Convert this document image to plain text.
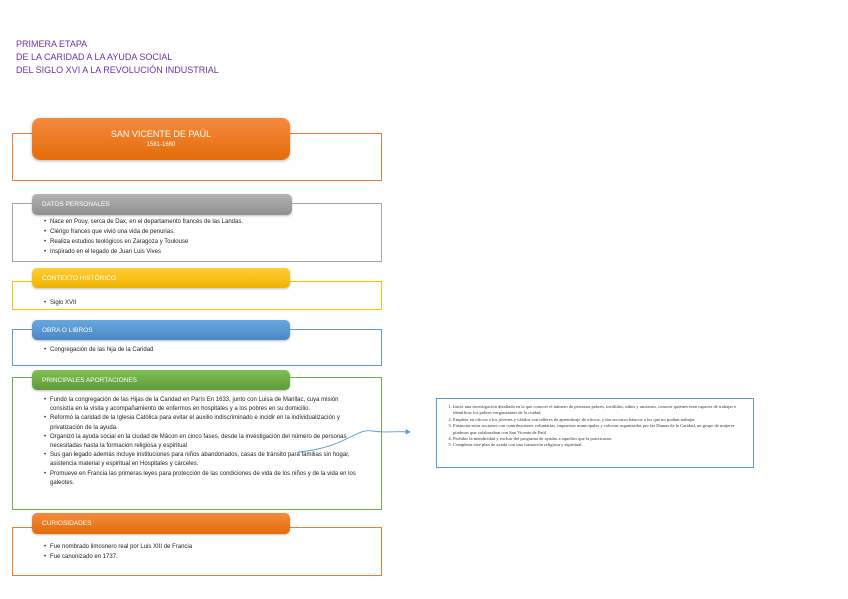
PRIMERA ETAPA
DE LA CARIDAD A LA AYUDA SOCIAL
DEL SIGLO XVI A LA REVOLUCIÓN INDUSTRIAL
SAN VICENTE DE PAÚL
1581-1660
DATOS PERSONALES
• Nace en Pouy, cerca de Dax, en el departamento francés de las Landas.
• Clérigo francés que vivió una vida de penurias.
• Realiza estudios teológicos en Zaragoza y Toulouse
• Inspirado en el legado de Juan Luis Vives
CONTEXTO HISTÓRICO
• Siglo XVII
OBRA O LIBROS
• Congregación de las hija de la Caridad
PRINCIPALES APORTACIONES
• Fundó la congregación de las Hijas de la Caridad en París En 1633, junto con Luisa de Marillac, cuya misión consistía en la visita y acompañamiento de enfermos en hospitales y a los pobres en su domicilio.
• Reformó la caridad de la Iglesia Católica para evitar el auxilio indiscriminado e incidir en la individualización y privatización de la ayuda.
• Organizó la ayuda social en la ciudad de Mâcon en cinco fases, desde la investigación del número de personas necesitadas hasta la formación religiosa y espiritual
• Sus gan legado además incluye instituciones para niños abandonados, casas de tránsito para familias sin hogar, asistencia material y espiritual en Hospitales y cárceles.
• Promueve en Francia las primeras leyes para protección de las condiciones de vida de los niños y de la vida en los galeotes.
CURIOSIDADES
• Fue nombrado limosnero real por Luis XIII de Francia
• Fue canonizado en 1737.
1. Inicia una investigación detallada en la que conocer el número de personas pobres, inválidos, niños y ancianos, conocer quiénes eran capaces de trabajar e identificar los pobres vergonzantes de la ciudad.
2. Emplear en oficios a los jóvenes y válidos con talleres de aprendizaje de oficios, y dar socorros básicos a los que no podían trabajar.
3. Financiar estas acciones con contribuciones voluntarias, impuestos municipales y colectas organizadas por las Damas de la Caridad, un grupo de mujeres piadosas que colaboraban con San Vicente de Paúl.
4. Prohibir la mendicidad y excluir del programa de ayudas a aquellos que la practicaran.
5. Completar este plan de ayuda con una formación religiosa y espiritual.
